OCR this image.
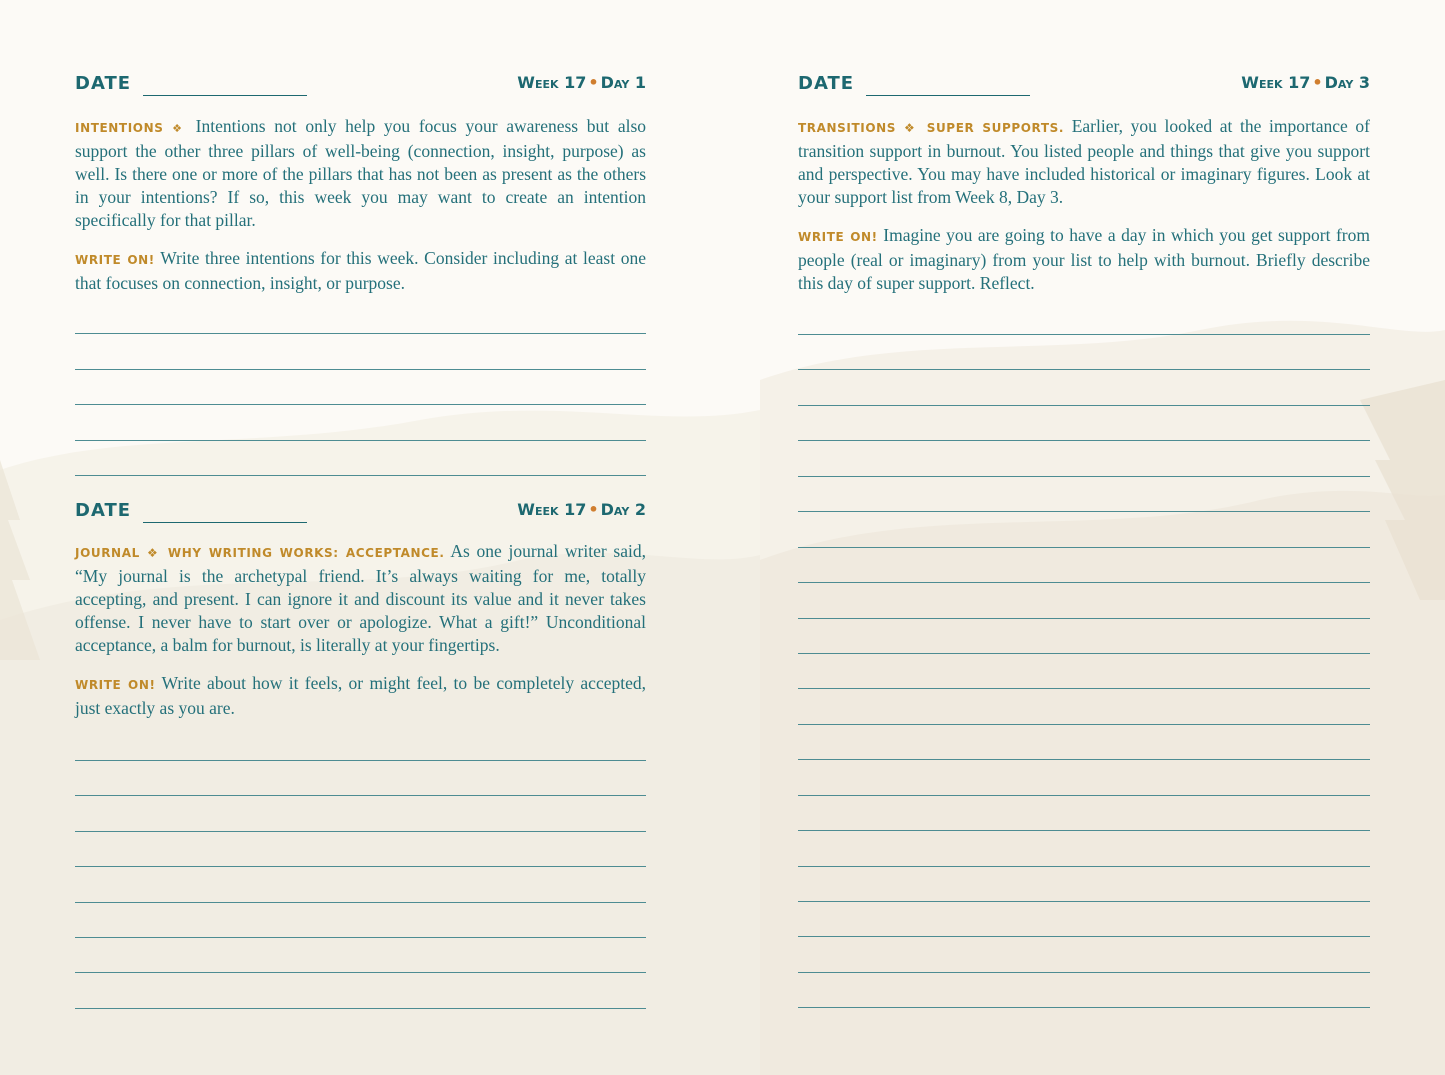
DATE	Week 17 • Day 1

INTENTIONS ❖ Intentions not only help you focus your awareness but also support the other three pillars of well-being (connection, insight, purpose) as well. Is there one or more of the pillars that has not been as present as the others in your intentions? If so, this week you may want to create an intention specifically for that pillar.

WRITE ON! Write three intentions for this week. Consider including at least one that focuses on connection, insight, or purpose.

DATE	Week 17 • Day 2

JOURNAL ❖ WHY WRITING WORKS: ACCEPTANCE. As one journal writer said, “My journal is the archetypal friend. It’s always waiting for me, totally accepting, and present. I can ignore it and discount its value and it never takes offense. I never have to start over or apologize. What a gift!” Unconditional acceptance, a balm for burnout, is literally at your fingertips.

WRITE ON! Write about how it feels, or might feel, to be completely accepted, just exactly as you are.

DATE	Week 17 • Day 3

TRANSITIONS ❖ SUPER SUPPORTS. Earlier, you looked at the importance of transition support in burnout. You listed people and things that give you support and perspective. You may have included historical or imaginary figures. Look at your support list from Week 8, Day 3.

WRITE ON! Imagine you are going to have a day in which you get support from people (real or imaginary) from your list to help with burnout. Briefly describe this day of super support. Reflect.
